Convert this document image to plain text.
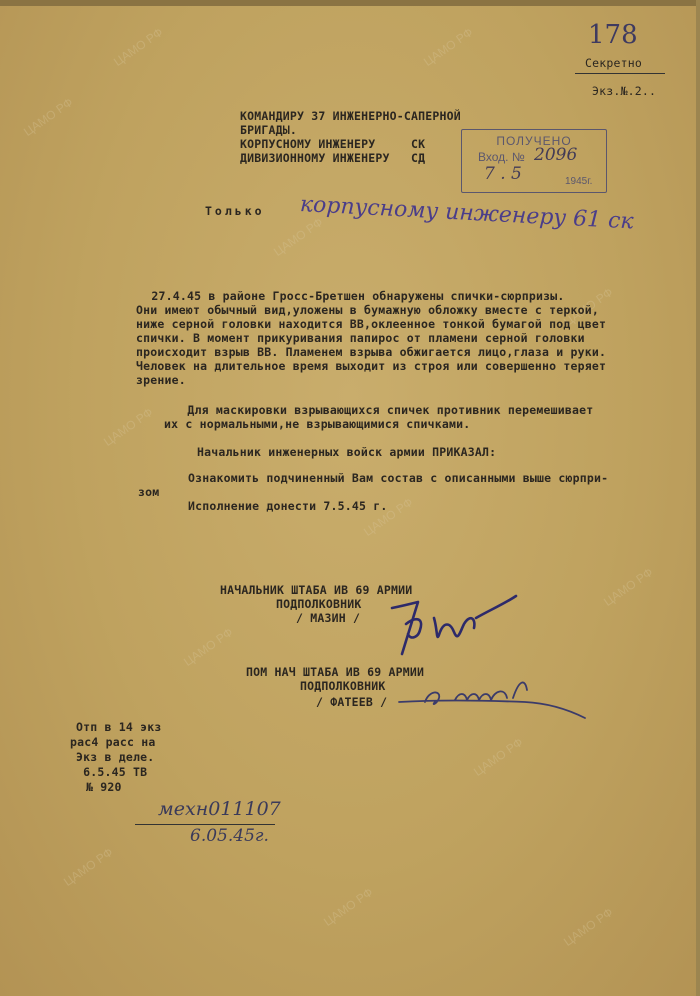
ЦАМО РФ	ЦАМО РФ
ЦАМО РФ
ЦАМО РФ
ЦАМО РФ
ЦАМО РФ
ЦАМО РФ
ЦАМО РФ
ЦАМО РФ
ЦАМО РФ
ЦАМО РФ
ЦАМО РФ	ЦАМО РФ
178
Секретно
Экз.№.2..
КОМАНДИРУ 37 ИНЖЕНЕРНО-САПЕРНОЙ
БРИГАДЫ.
КОРПУСНОМУ ИНЖЕНЕРУ     СК
ДИВИЗИОННОМУ ИНЖЕНЕРУ   СД
ПОЛУЧЕНО
Вход. № 2096
7 . 5	1945г.
Только корпусному инженеру 61 ск
27.4.45 в районе Гросс-Бретшен обнаружены спички-сюрпризы.
Они имеют обычный вид,уложены в бумажную обложку вместе с теркой,
ниже серной головки находится ВВ,оклеенное тонкой бумагой под цвет
спички. В момент прикуривания папирос от пламени серной головки
происходит взрыв ВВ. Пламенем взрыва обжигается лицо,глаза и руки.
Человек на длительное время выходит из строя или совершенно теряет
зрение.
Для маскировки взрывающихся спичек противник перемешивает
их с нормальными,не взрывающимися спичками.
Начальник инженерных войск армии ПРИКАЗАЛ:
Ознакомить подчиненный Вам состав с описанными выше сюрпри-
зом
Исполнение донести 7.5.45 г.
НАЧАЛЬНИК ШТАБА ИВ 69 АРМИИ
ПОДПОЛКОВНИК
/ МАЗИН /
ПОМ НАЧ ШТАБА ИВ 69 АРМИИ
ПОДПОЛКОВНИК
/ ФАТЕЕВ /
Отп в 14 экз
рас4 расс на
Экз в деле.
6.5.45 ТВ
№ 920
мехн011107
6.05.45г.
